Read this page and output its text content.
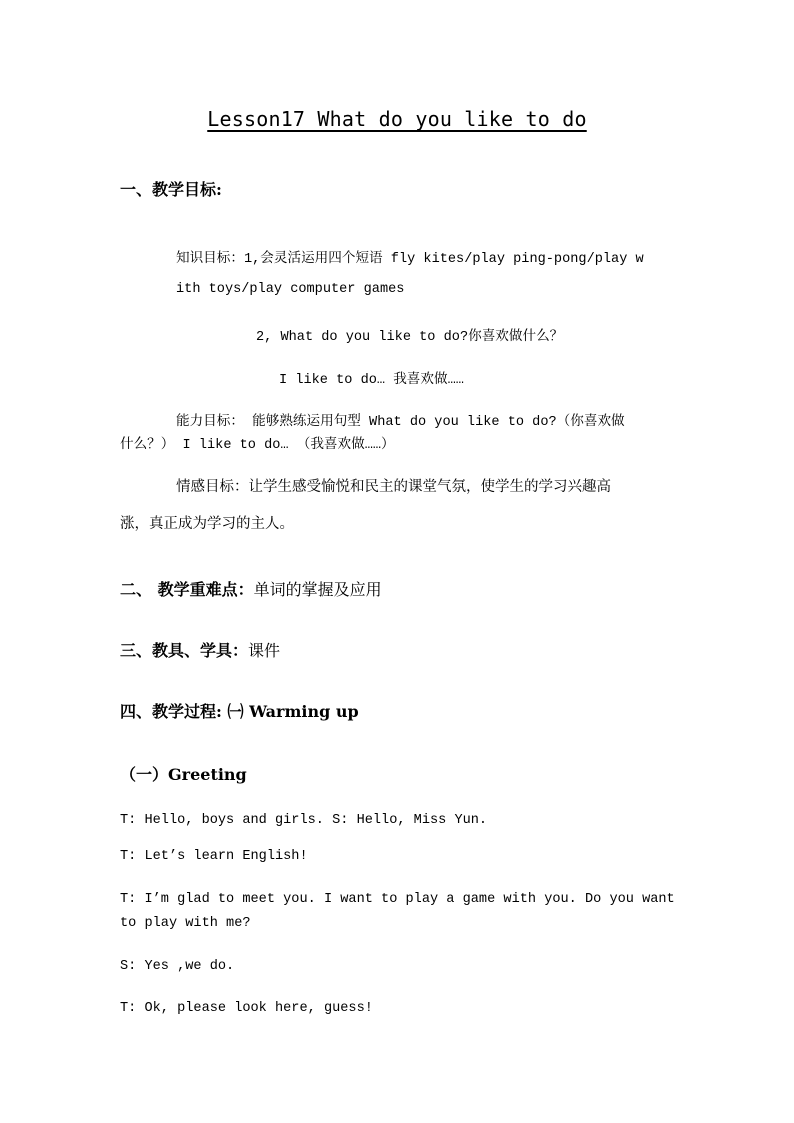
Lesson17 What do you like to do
一、教学目标:
知识目标：1,会灵活运用四个短语 fly kites/play ping-pong/play w
ith toys/play computer games
2, What do you like to do?你喜欢做什么？
I like to do… 我喜欢做……
能力目标： 能够熟练运用句型 What do you like to do?（你喜欢做
什么？） I like to do… （我喜欢做……）
情感目标：让学生感受愉悦和民主的课堂气氛，使学生的学习兴趣高
涨，真正成为学习的主人。
二、 教学重难点：单词的掌握及应用
三、教具、学具：课件
四、教学过程: ㈠ Warming up
（一）Greeting
T: Hello, boys and girls. S: Hello, Miss Yun.
T: Let’s learn English!
T: I’m glad to meet you. I want to play a game with you. Do you want
to play with me?
S: Yes ,we do.
T: Ok, please look here, guess!
